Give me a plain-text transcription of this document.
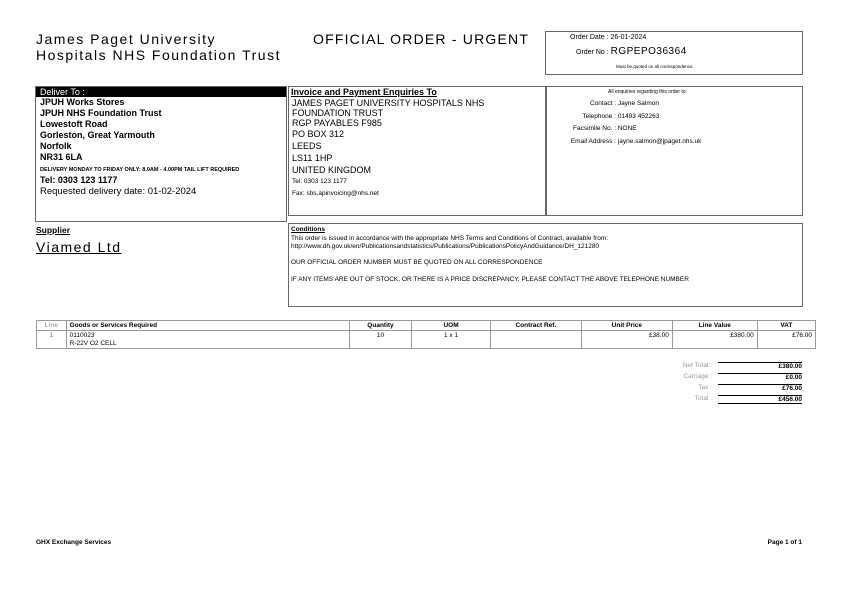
James Paget University
Hospitals NHS Foundation Trust
OFFICIAL ORDER - URGENT	Order Date : 26-01-2024
Order No : RGPEPO36364
Must be quoted on all correspondence.
Deliver To :
JPUH Works Stores
JPUH NHS Foundation Trust
Lowestoft Road
Gorleston, Great Yarmouth
Norfolk
NR31 6LA
DELIVERY MONDAY TO FRIDAY ONLY: 8.0AM - 4.00PM TAIL LIFT REQUIRED
Tel: 0303 123 1177
Requested delivery date: 01-02-2024
Invoice and Payment Enquiries To
JAMES PAGET UNIVERSITY HOSPITALS NHS
FOUNDATION TRUST
RGP PAYABLES F985
PO BOX 312
LEEDS
LS11 1HP
UNITED KINGDOM
Tel: 0303 123 1177
Fax: sbs.apinvoicing@nhs.net
All enquiries regarding this order to:
Contact : Jayne Salmon
Telephone : 01493 452263
Facsimile No. : NONE
Email Address : jayne.salmon@jpaget.nhs.uk
Supplier
Viamed Ltd
Conditions
This order is issued in accordance with the appropriate NHS Terms and Conditions of Contract, available from:
http://www.dh.gov.uk/en/Publicationsandstatistics/Publications/PublicationsPolicyAndGuidance/DH_121280
OUR OFFICIAL ORDER NUMBER MUST BE QUOTED ON ALL CORRESPONDENCE
IF ANY ITEMS ARE OUT OF STOCK, OR THERE IS A PRICE DISCREPANCY, PLEASE CONTACT THE ABOVE TELEPHONE NUMBER
Line	Goods or Services Required	Quantity	UOM	Contract Ref.	Unit Price	Line Value	VAT
1	0110023
R-22V O2 CELL	10	1 x 1		£38.00	£380.00	£76.00
Net Total :	£380.00
Carriage :	£0.00
Tax :	£76.00
Total :	£456.00
GHX Exchange Services	Page 1 of 1
